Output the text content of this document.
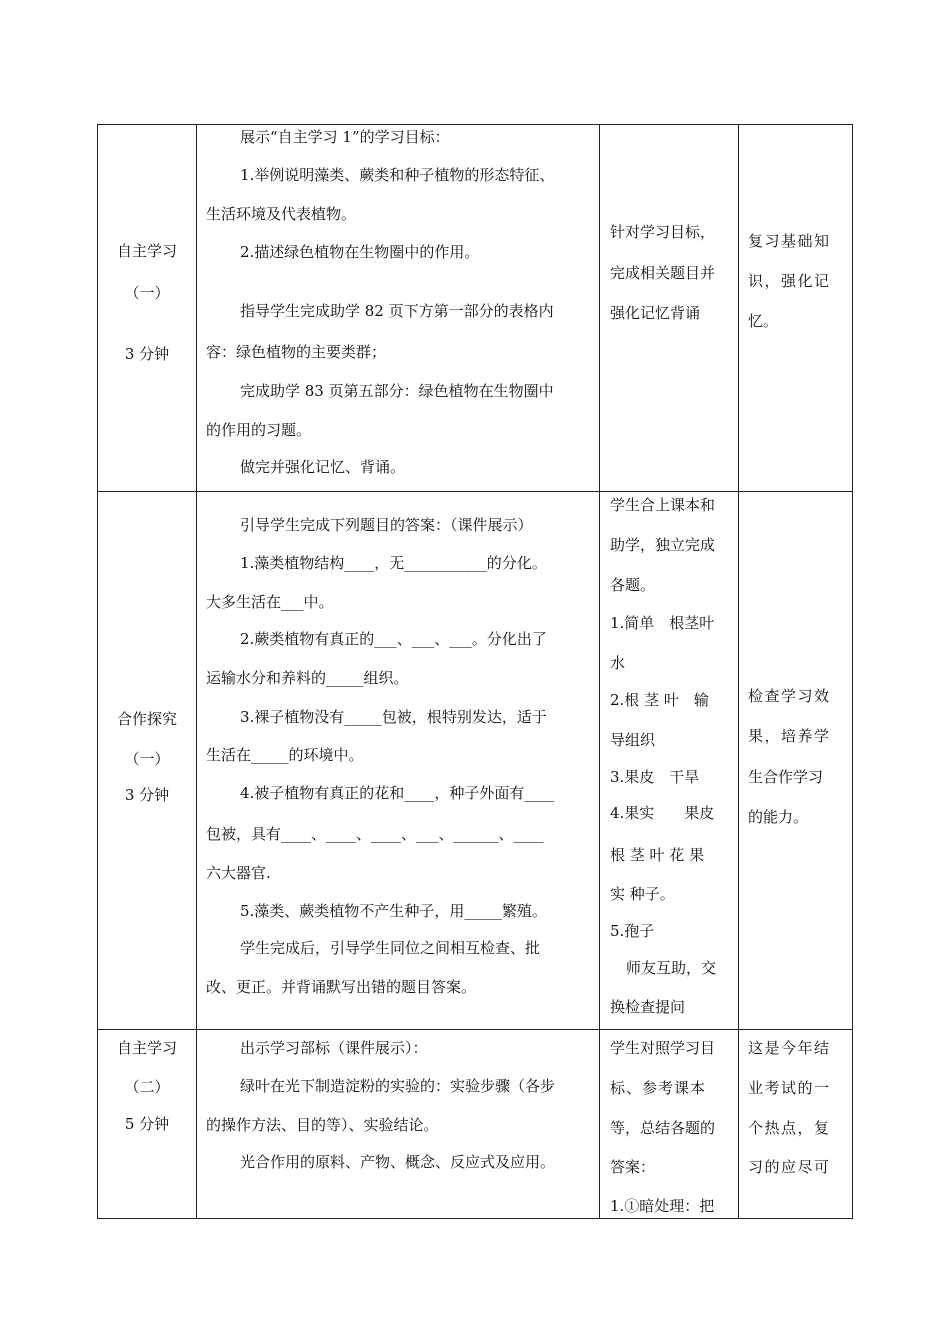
自主学习
（一）
3 分钟
展示“自主学习 1”的学习目标：
1.举例说明藻类、蕨类和种子植物的形态特征、
生活环境及代表植物。
2.描述绿色植物在生物圈中的作用。
指导学生完成助学 82 页下方第一部分的表格内
容：绿色植物的主要类群；
完成助学 83 页第五部分：绿色植物在生物圈中
的作用的习题。
做完并强化记忆、背诵。
针对学习目标，
完成相关题目并
强化记忆背诵
复习基础知
识，强化记
忆。
合作探究
（一）
3 分钟
引导学生完成下列题目的答案：（课件展示）
1.藻类植物结构____，无___________的分化。
大多生活在___中。
2.蕨类植物有真正的___、___、___。分化出了
运输水分和养料的_____组织。
3.裸子植物没有_____包被，根特别发达，适于
生活在_____的环境中。
4.被子植物有真正的花和____，种子外面有____
包被，具有____、____、____、___、______、____
六大器官.
5.藻类、蕨类植物不产生种子，用_____繁殖。
学生完成后，引导学生同位之间相互检查、批
改、更正。并背诵默写出错的题目答案。
学生合上课本和
助学，独立完成
各题。
1.简单　根茎叶
水
2.根 茎 叶　输
导组织
3.果皮　干旱
4.果实　　果皮
根 茎 叶 花 果
实 种子。
5.孢子
师友互助，交
换检查提问
检查学习效
果，培养学
生合作学习
的能力。
自主学习
（二）
5 分钟
出示学习部标（课件展示）：
绿叶在光下制造淀粉的实验的：实验步骤（各步
的操作方法、目的等）、实验结论。
光合作用的原料、产物、概念、反应式及应用。
学生对照学习目
标、参考课本
等，总结各题的
答案：
1.①暗处理：把
这是今年结
业考试的一
个热点，复
习的应尽可
